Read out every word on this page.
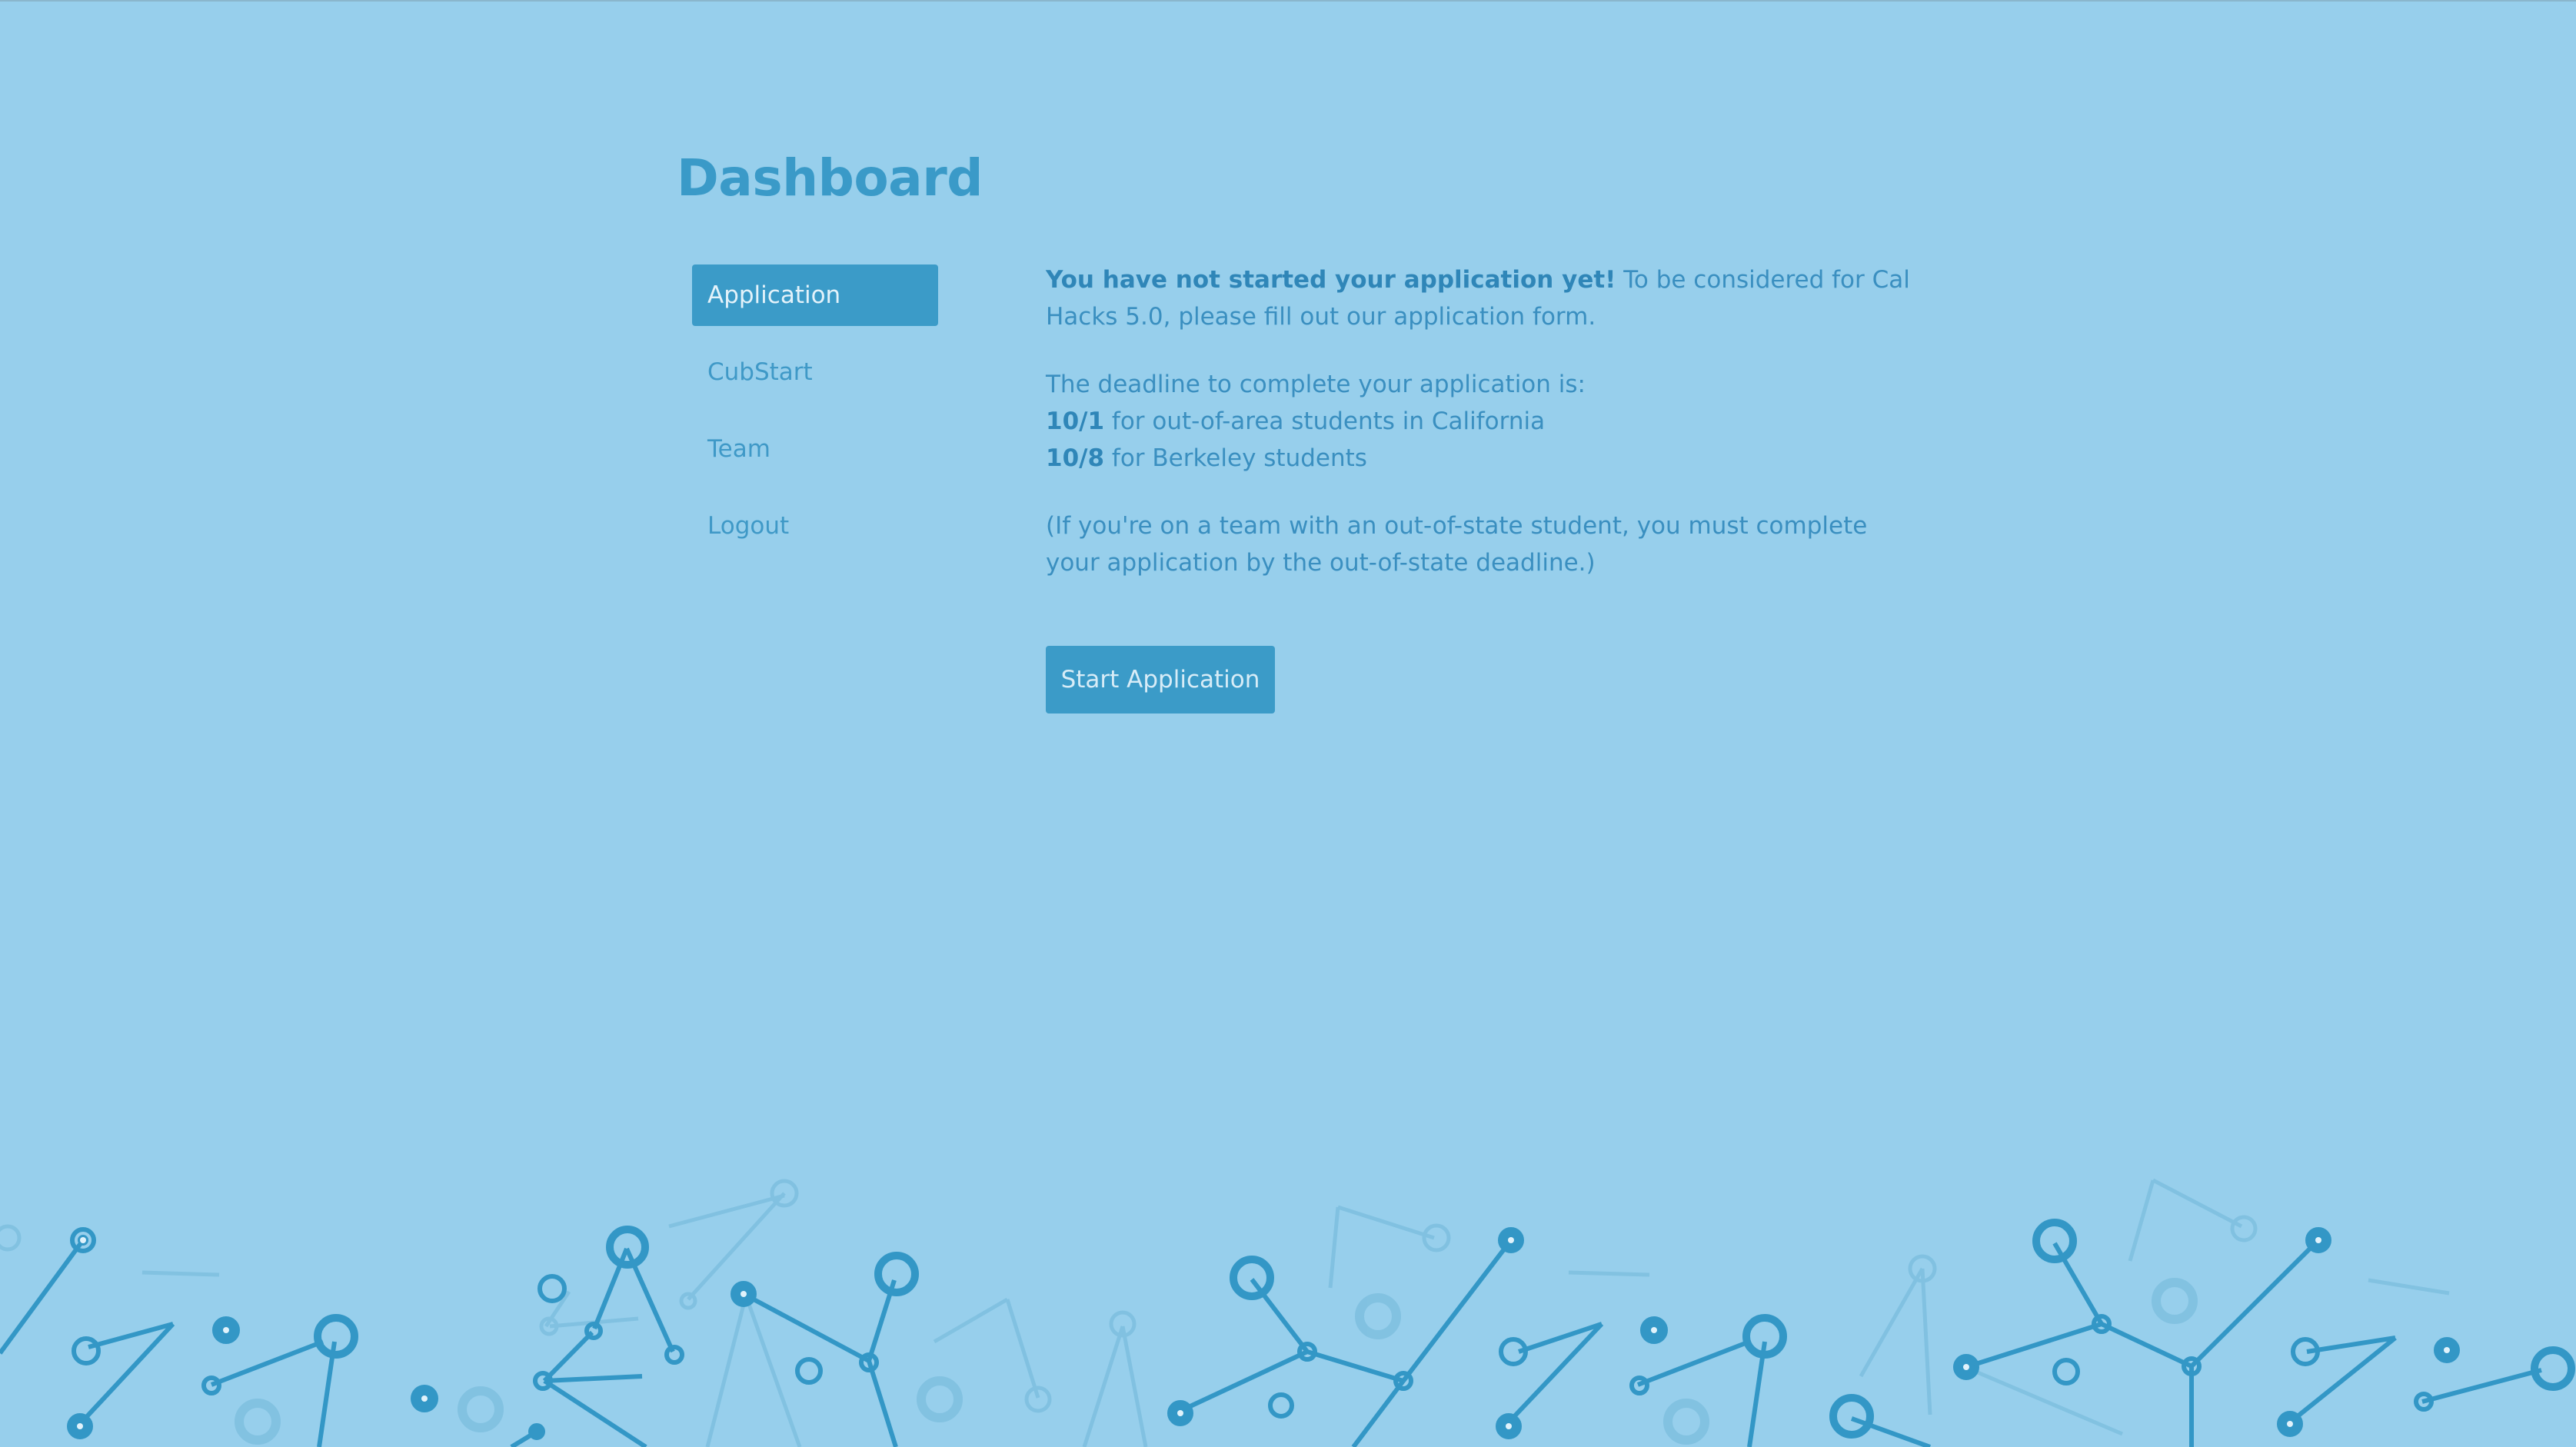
Dashboard
Application
CubStart
Team
Logout

You have not started your application yet! To be considered for Cal Hacks 5.0, please fill out our application form.

The deadline to complete your application is:
10/1 for out-of-area students in California
10/8 for Berkeley students

(If you're on a team with an out-of-state student, you must complete your application by the out-of-state deadline.)

Start Application
